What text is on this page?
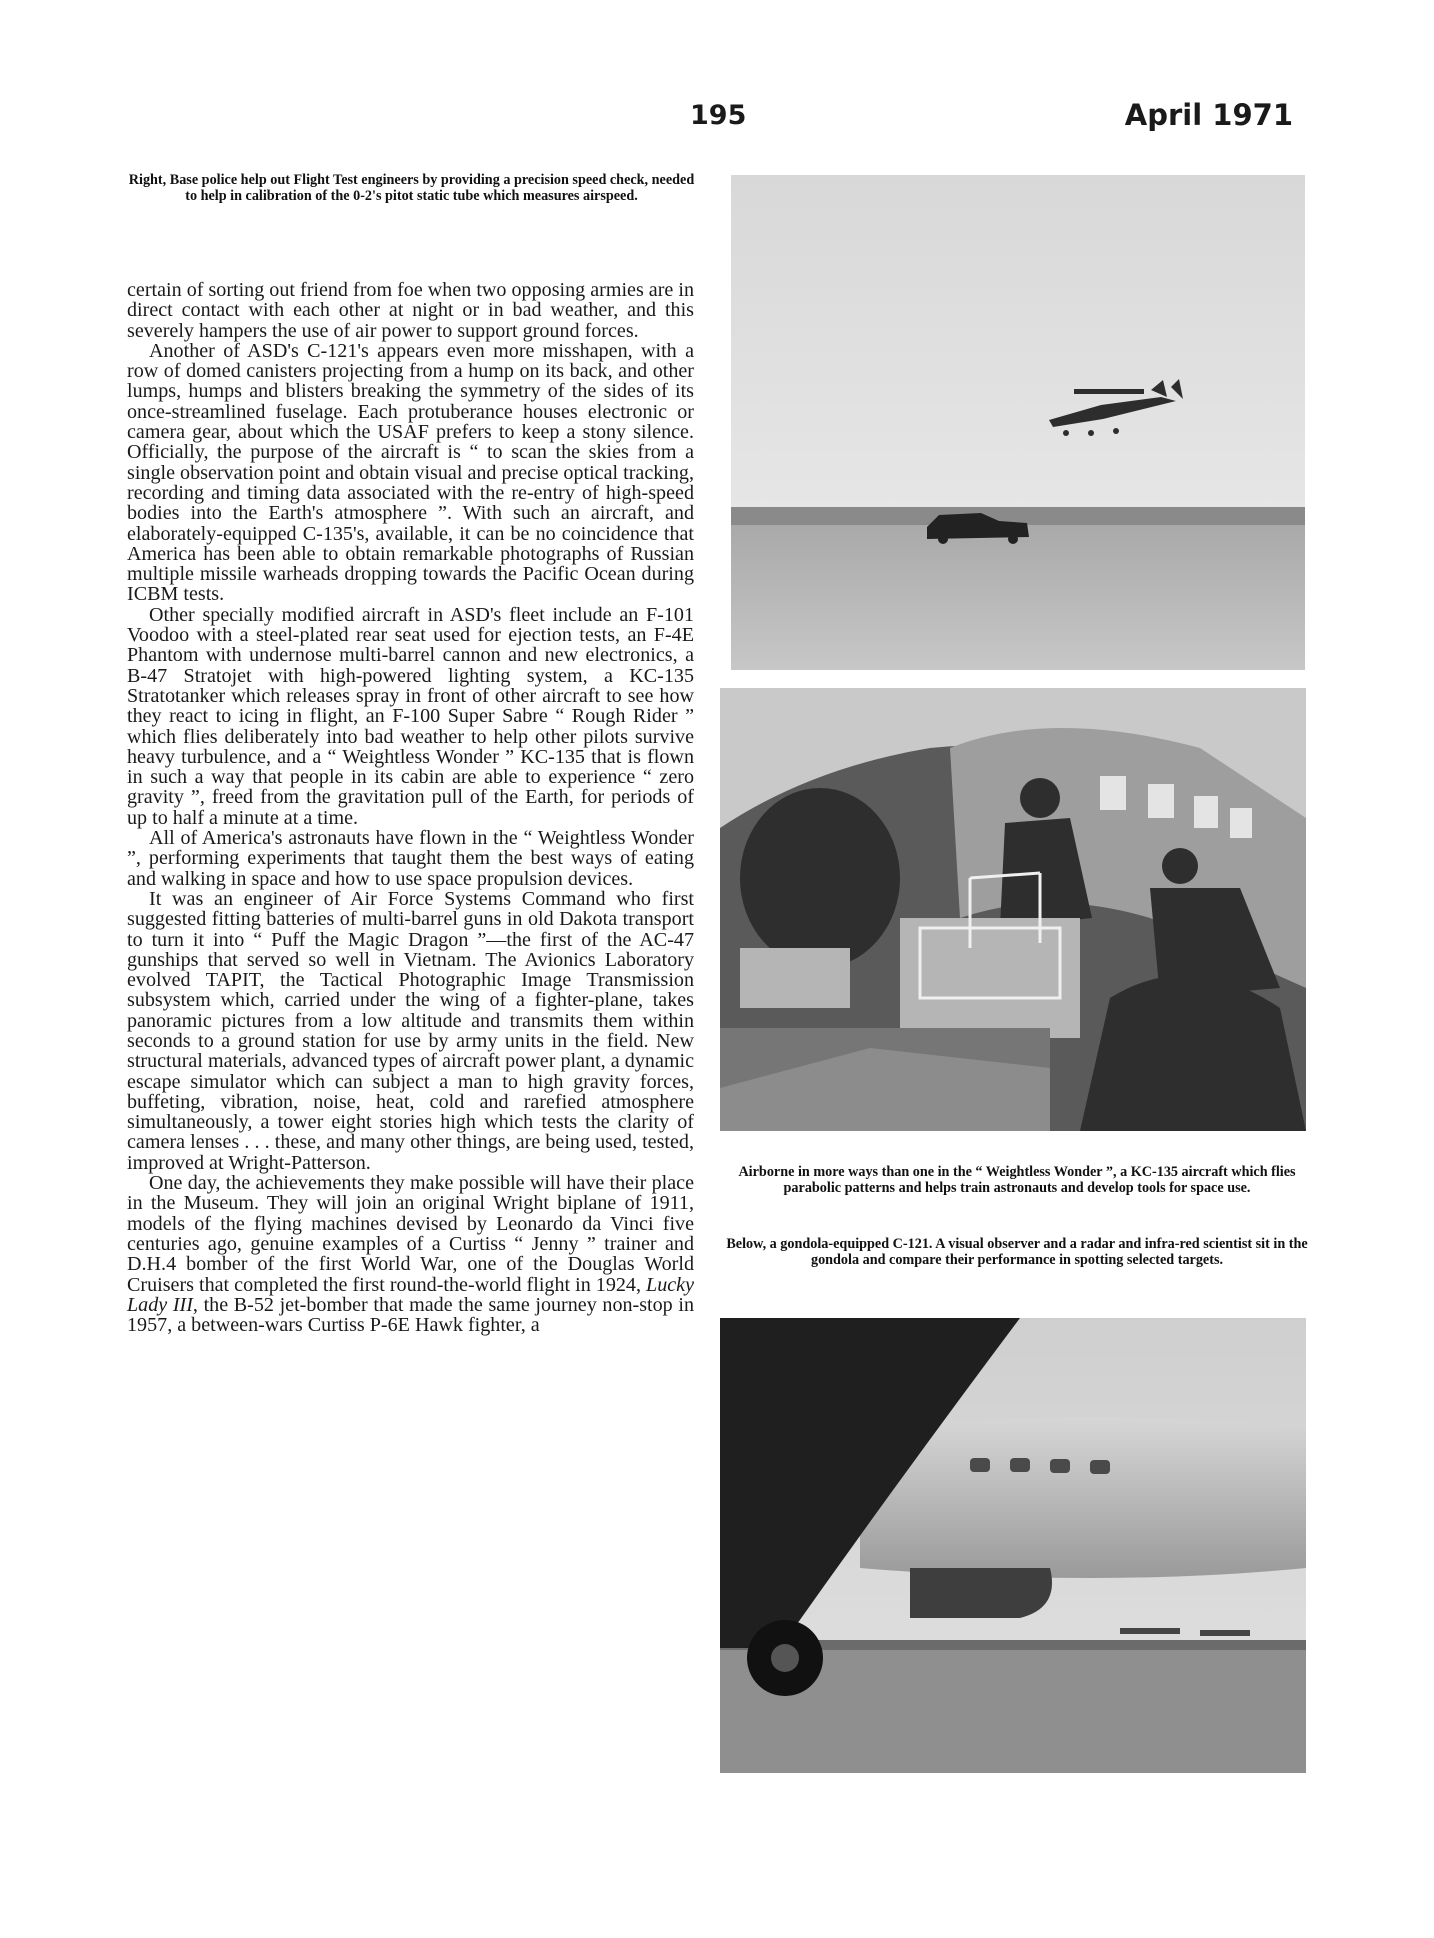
195	April 1971

Right, Base police help out Flight Test engineers by providing a precision speed check, needed to help in calibration of the 0-2's pitot static tube which measures airspeed.

certain of sorting out friend from foe when two opposing armies are in direct contact with each other at night or in bad weather, and this severely hampers the use of air power to support ground forces.

Another of ASD's C-121's appears even more misshapen, with a row of domed canisters projecting from a hump on its back, and other lumps, humps and blisters breaking the symmetry of the sides of its once-streamlined fuselage. Each protuberance houses electronic or camera gear, about which the USAF prefers to keep a stony silence. Officially, the purpose of the aircraft is “ to scan the skies from a single observation point and obtain visual and precise optical tracking, recording and timing data associated with the re-entry of high-speed bodies into the Earth's atmosphere ”. With such an aircraft, and elaborately-equipped C-135's, available, it can be no coincidence that America has been able to obtain remarkable photographs of Russian multiple missile warheads dropping towards the Pacific Ocean during ICBM tests.

Other specially modified aircraft in ASD's fleet include an F-101 Voodoo with a steel-plated rear seat used for ejection tests, an F-4E Phantom with undernose multi-barrel cannon and new electronics, a B-47 Stratojet with high-powered lighting system, a KC-135 Stratotanker which releases spray in front of other aircraft to see how they react to icing in flight, an F-100 Super Sabre “ Rough Rider ” which flies deliberately into bad weather to help other pilots survive heavy turbulence, and a “ Weightless Wonder ” KC-135 that is flown in such a way that people in its cabin are able to experience “ zero gravity ”, freed from the gravitation pull of the Earth, for periods of up to half a minute at a time.

All of America's astronauts have flown in the “ Weightless Wonder ”, performing experiments that taught them the best ways of eating and walking in space and how to use space propulsion devices.

It was an engineer of Air Force Systems Command who first suggested fitting batteries of multi-barrel guns in old Dakota transport to turn it into “ Puff the Magic Dragon ”—the first of the AC-47 gunships that served so well in Vietnam. The Avionics Laboratory evolved TAPIT, the Tactical Photographic Image Transmission subsystem which, carried under the wing of a fighter-plane, takes panoramic pictures from a low altitude and transmits them within seconds to a ground station for use by army units in the field. New structural materials, advanced types of aircraft power plant, a dynamic escape simulator which can subject a man to high gravity forces, buffeting, vibration, noise, heat, cold and rarefied atmosphere simultaneously, a tower eight stories high which tests the clarity of camera lenses . . . these, and many other things, are being used, tested, improved at Wright-Patterson.

One day, the achievements they make possible will have their place in the Museum. They will join an original Wright biplane of 1911, models of the flying machines devised by Leonardo da Vinci five centuries ago, genuine examples of a Curtiss “ Jenny ” trainer and D.H.4 bomber of the first World War, one of the Douglas World Cruisers that completed the first round-the-world flight in 1924, Lucky Lady III, the B-52 jet-bomber that made the same journey non-stop in 1957, a between-wars Curtiss P-6E Hawk fighter, a

Airborne in more ways than one in the “ Weightless Wonder ”, a KC-135 aircraft which flies parabolic patterns and helps train astronauts and develop tools for space use.

Below, a gondola-equipped C-121. A visual observer and a radar and infra-red scientist sit in the gondola and compare their performance in spotting selected targets.
